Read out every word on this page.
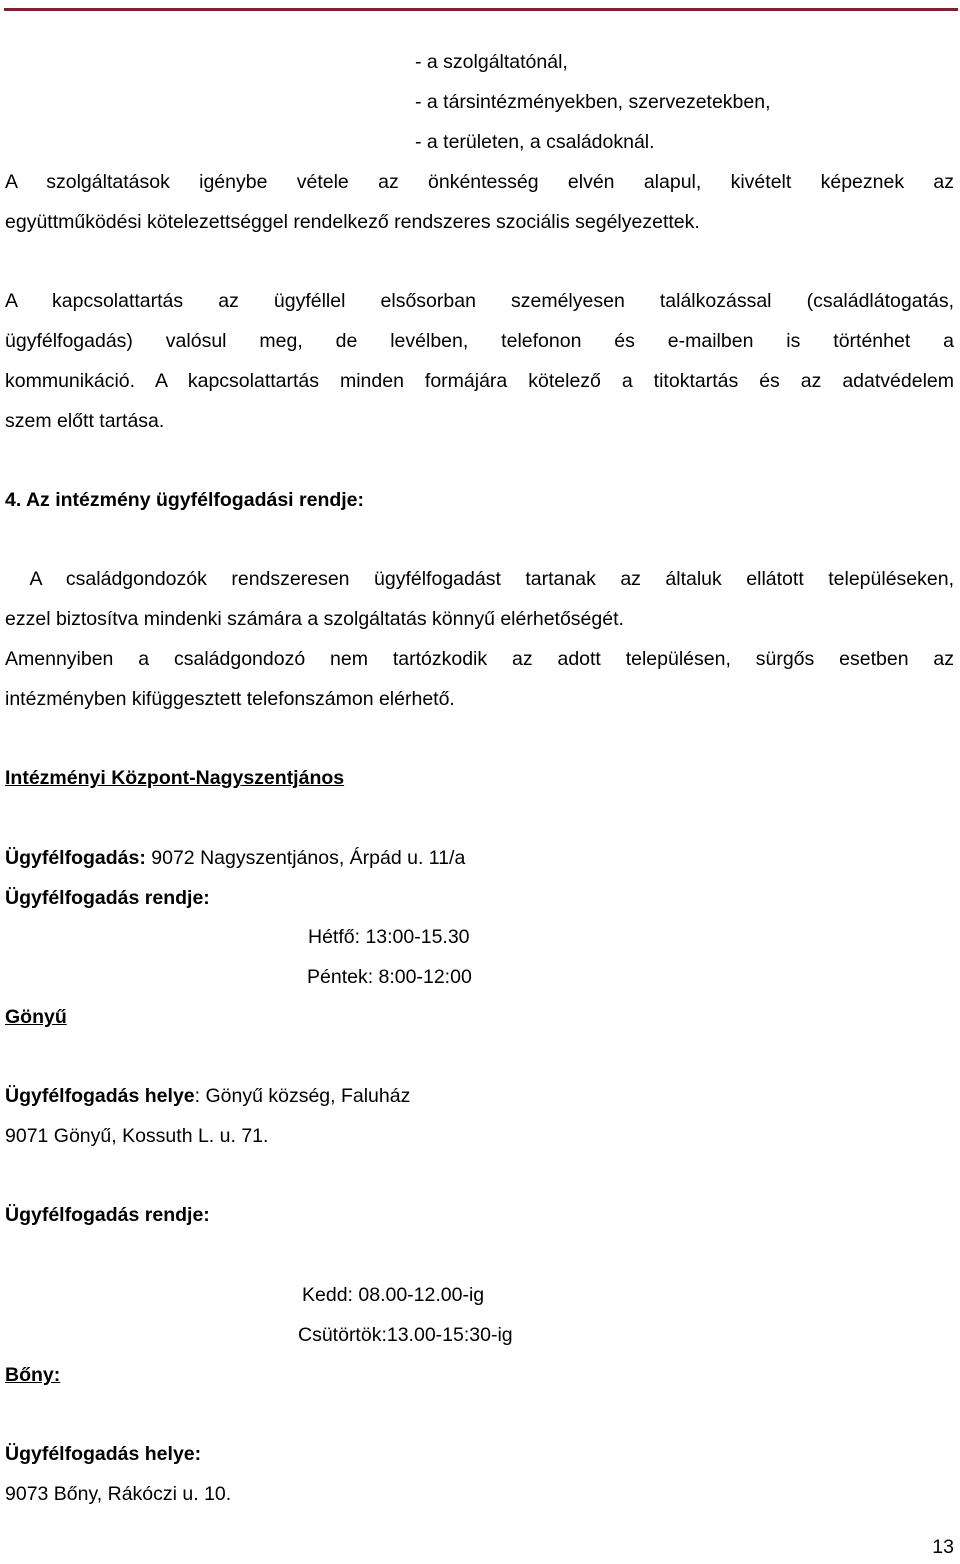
- a szolgáltatónál,
- a társintézményekben, szervezetekben,
- a területen, a családoknál.
A szolgáltatások igénybe vétele az önkéntesség elvén alapul, kivételt képeznek az
együttműködési kötelezettséggel rendelkező rendszeres szociális segélyezettek.
A kapcsolattartás az ügyféllel elsősorban személyesen találkozással (családlátogatás,
ügyfélfogadás) valósul meg, de levélben, telefonon és e-mailben is történhet a
kommunikáció. A kapcsolattartás minden formájára kötelező a titoktartás és az adatvédelem
szem előtt tartása.
4. Az intézmény ügyfélfogadási rendje:
A családgondozók rendszeresen ügyfélfogadást tartanak az általuk ellátott településeken,
ezzel biztosítva mindenki számára a szolgáltatás könnyű elérhetőségét.
Amennyiben a családgondozó nem tartózkodik az adott településen, sürgős esetben az
intézményben kifüggesztett telefonszámon elérhető.
Intézményi Központ-Nagyszentjános
Ügyfélfogadás: 9072 Nagyszentjános, Árpád u. 11/a
Ügyfélfogadás rendje:
Hétfő: 13:00-15.30
Péntek: 8:00-12:00
Gönyű
Ügyfélfogadás helye: Gönyű község, Faluház
9071 Gönyű, Kossuth L. u. 71.
Ügyfélfogadás rendje:
Kedd: 08.00-12.00-ig
Csütörtök:13.00-15:30-ig
Bőny:
Ügyfélfogadás helye:
9073 Bőny, Rákóczi u. 10.
13
